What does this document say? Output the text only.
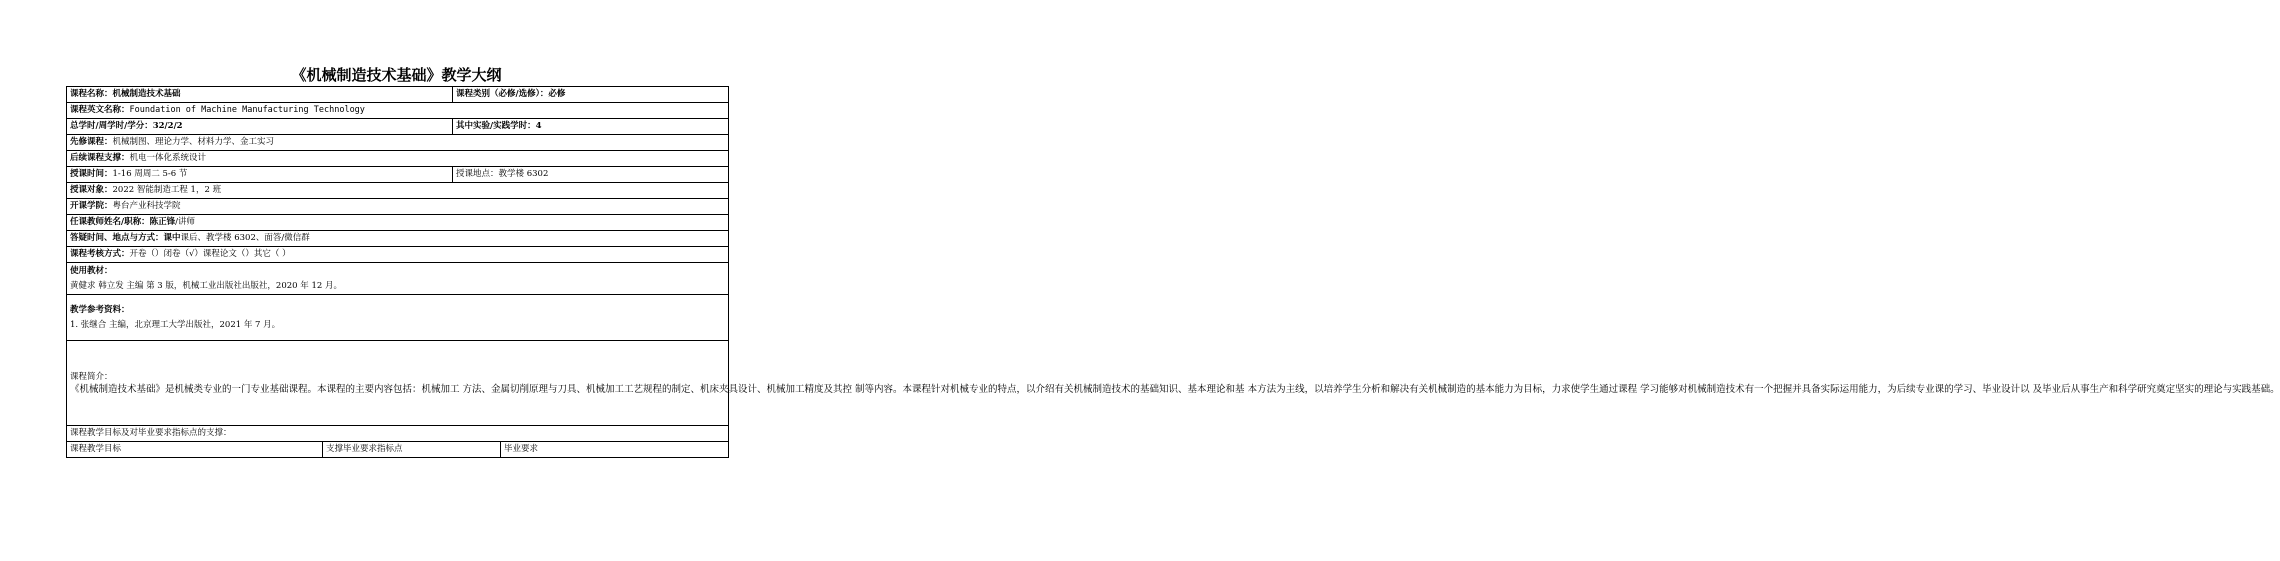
《机械制造技术基础》教学大纲
课程名称：机械制造技术基础		课程类别（必修/选修）：必修	
课程英文名称：Foundation of Machine Manufacturing Technology			
总学时/周学时/学分：32/2/2		其中实验/实践学时：4	
先修课程：机械制图、理论力学、材料力学、金工实习			
后续课程支撑：机电一体化系统设计			
授课时间：1-16 周周二 5-6 节		授课地点：教学楼 6302	
授课对象：2022 智能制造工程 1，2 班			
开课学院：粤台产业科技学院			
任课教师姓名/职称：陈正锋/讲师			
答疑时间、地点与方式：课中课后、教学楼 6302、面答/微信群			
课程考核方式：开卷（）闭卷（√）课程论文（）其它（ ）			
使用教材：
黄健求 韩立发 主编 第 3 版，机械工业出版社出版社，2020 年 12 月。			

教学参考资料：
1. 张继合 主编，北京理工大学出版社，2021 年 7 月。			

课程简介：
《机械制造技术基础》是机械类专业的一门专业基础课程。本课程的主要内容包括：机械加工 方法、金属切削原理与刀具、机械加工工艺规程的制定、机床夹具设计、机械加工精度及其控 制等内容。本课程针对机械专业的特点，以介绍有关机械制造技术的基础知识、基本理论和基 本方法为主线，以培养学生分析和解决有关机械制造的基本能力为目标，力求使学生通过课程 学习能够对机械制造技术有一个把握并具备实际运用能力，为后续专业课的学习、毕业设计以 及毕业后从事生产和科学研究奠定坚实的理论与实践基础。			

课程教学目标及对毕业要求指标点的支撑：			
课程教学目标	支撑毕业要求指标点		毕业要求
